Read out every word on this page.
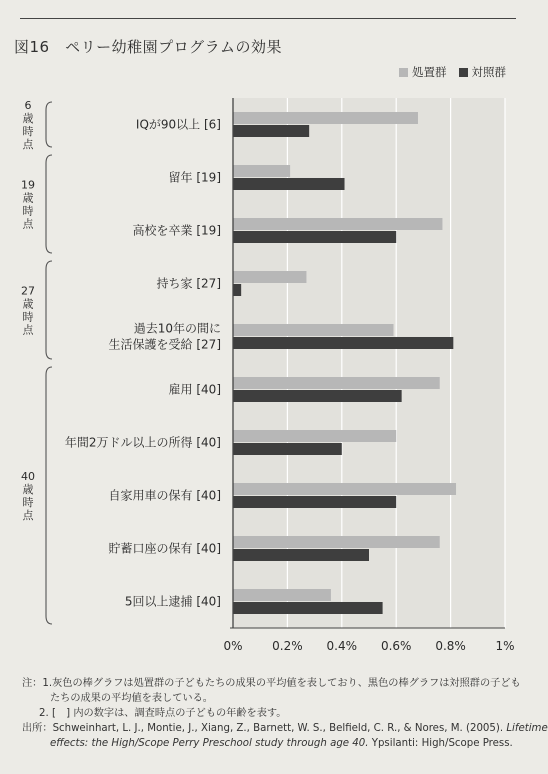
図16　ペリー幼稚園プログラムの効果
処置群 対照群
IQが90以上 [6]
留年 [19]
高校を卒業 [19]
持ち家 [27]
過去10年の間に
生活保護を受給 [27]
雇用 [40]
年間2万ドル以上の所得 [40]
自家用車の保有 [40]
貯蓄口座の保有 [40]
5回以上逮捕 [40]
0% 0.2% 0.4% 0.6% 0.8% 1%
6
歳
時
点
19
歳
時
点
27
歳
時
点
40
歳
時
点
注：1.灰色の棒グラフは処置群の子どもたちの成果の平均値を表しており、黒色の棒グラフは対照群の子ども
たちの成果の平均値を表している。
2. [　] 内の数字は、調査時点の子どもの年齢を表す。
出所：Schweinhart, L. J., Montie, J., Xiang, Z., Barnett, W. S., Belfield, C. R., & Nores, M. (2005). Lifetime
effects: the High/Scope Perry Preschool study through age 40. Ypsilanti: High/Scope Press.
